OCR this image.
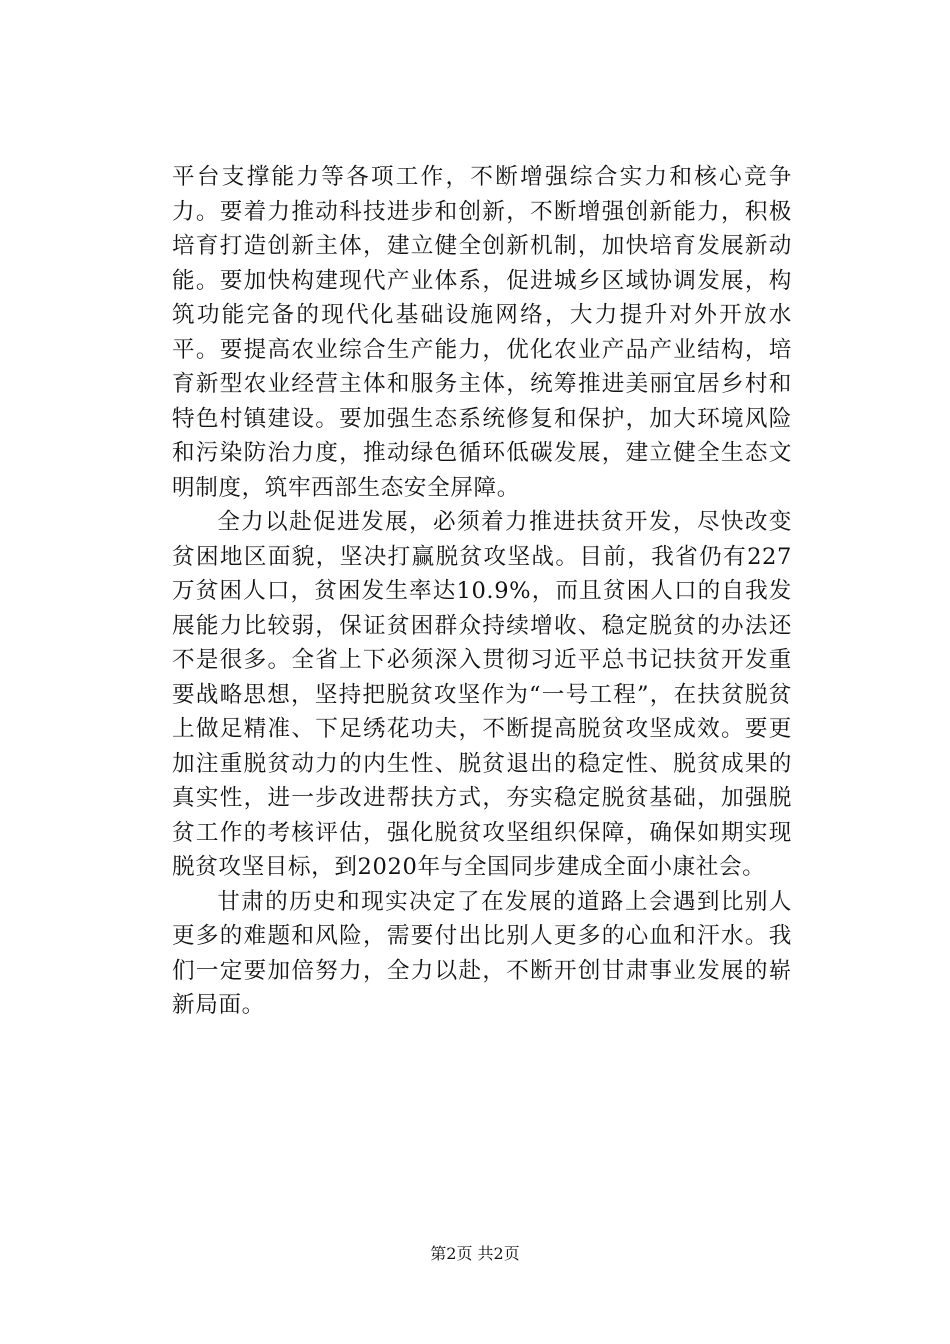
平台支撑能力等各项工作，不断增强综合实力和核心竞争力。要着力推动科技进步和创新，不断增强创新能力，积极培育打造创新主体，建立健全创新机制，加快培育发展新动能。要加快构建现代产业体系，促进城乡区域协调发展，构筑功能完备的现代化基础设施网络，大力提升对外开放水平。要提高农业综合生产能力，优化农业产品产业结构，培育新型农业经营主体和服务主体，统筹推进美丽宜居乡村和特色村镇建设。要加强生态系统修复和保护，加大环境风险和污染防治力度，推动绿色循环低碳发展，建立健全生态文明制度，筑牢西部生态安全屏障。

全力以赴促进发展，必须着力推进扶贫开发，尽快改变贫困地区面貌，坚决打赢脱贫攻坚战。目前，我省仍有227万贫困人口，贫困发生率达10.9%，而且贫困人口的自我发展能力比较弱，保证贫困群众持续增收、稳定脱贫的办法还不是很多。全省上下必须深入贯彻习近平总书记扶贫开发重要战略思想，坚持把脱贫攻坚作为“一号工程”，在扶贫脱贫上做足精准、下足绣花功夫，不断提高脱贫攻坚成效。要更加注重脱贫动力的内生性、脱贫退出的稳定性、脱贫成果的真实性，进一步改进帮扶方式，夯实稳定脱贫基础，加强脱贫工作的考核评估，强化脱贫攻坚组织保障，确保如期实现脱贫攻坚目标，到2020年与全国同步建成全面小康社会。

甘肃的历史和现实决定了在发展的道路上会遇到比别人更多的难题和风险，需要付出比别人更多的心血和汗水。我们一定要加倍努力，全力以赴，不断开创甘肃事业发展的崭新局面。

第2页 共2页
